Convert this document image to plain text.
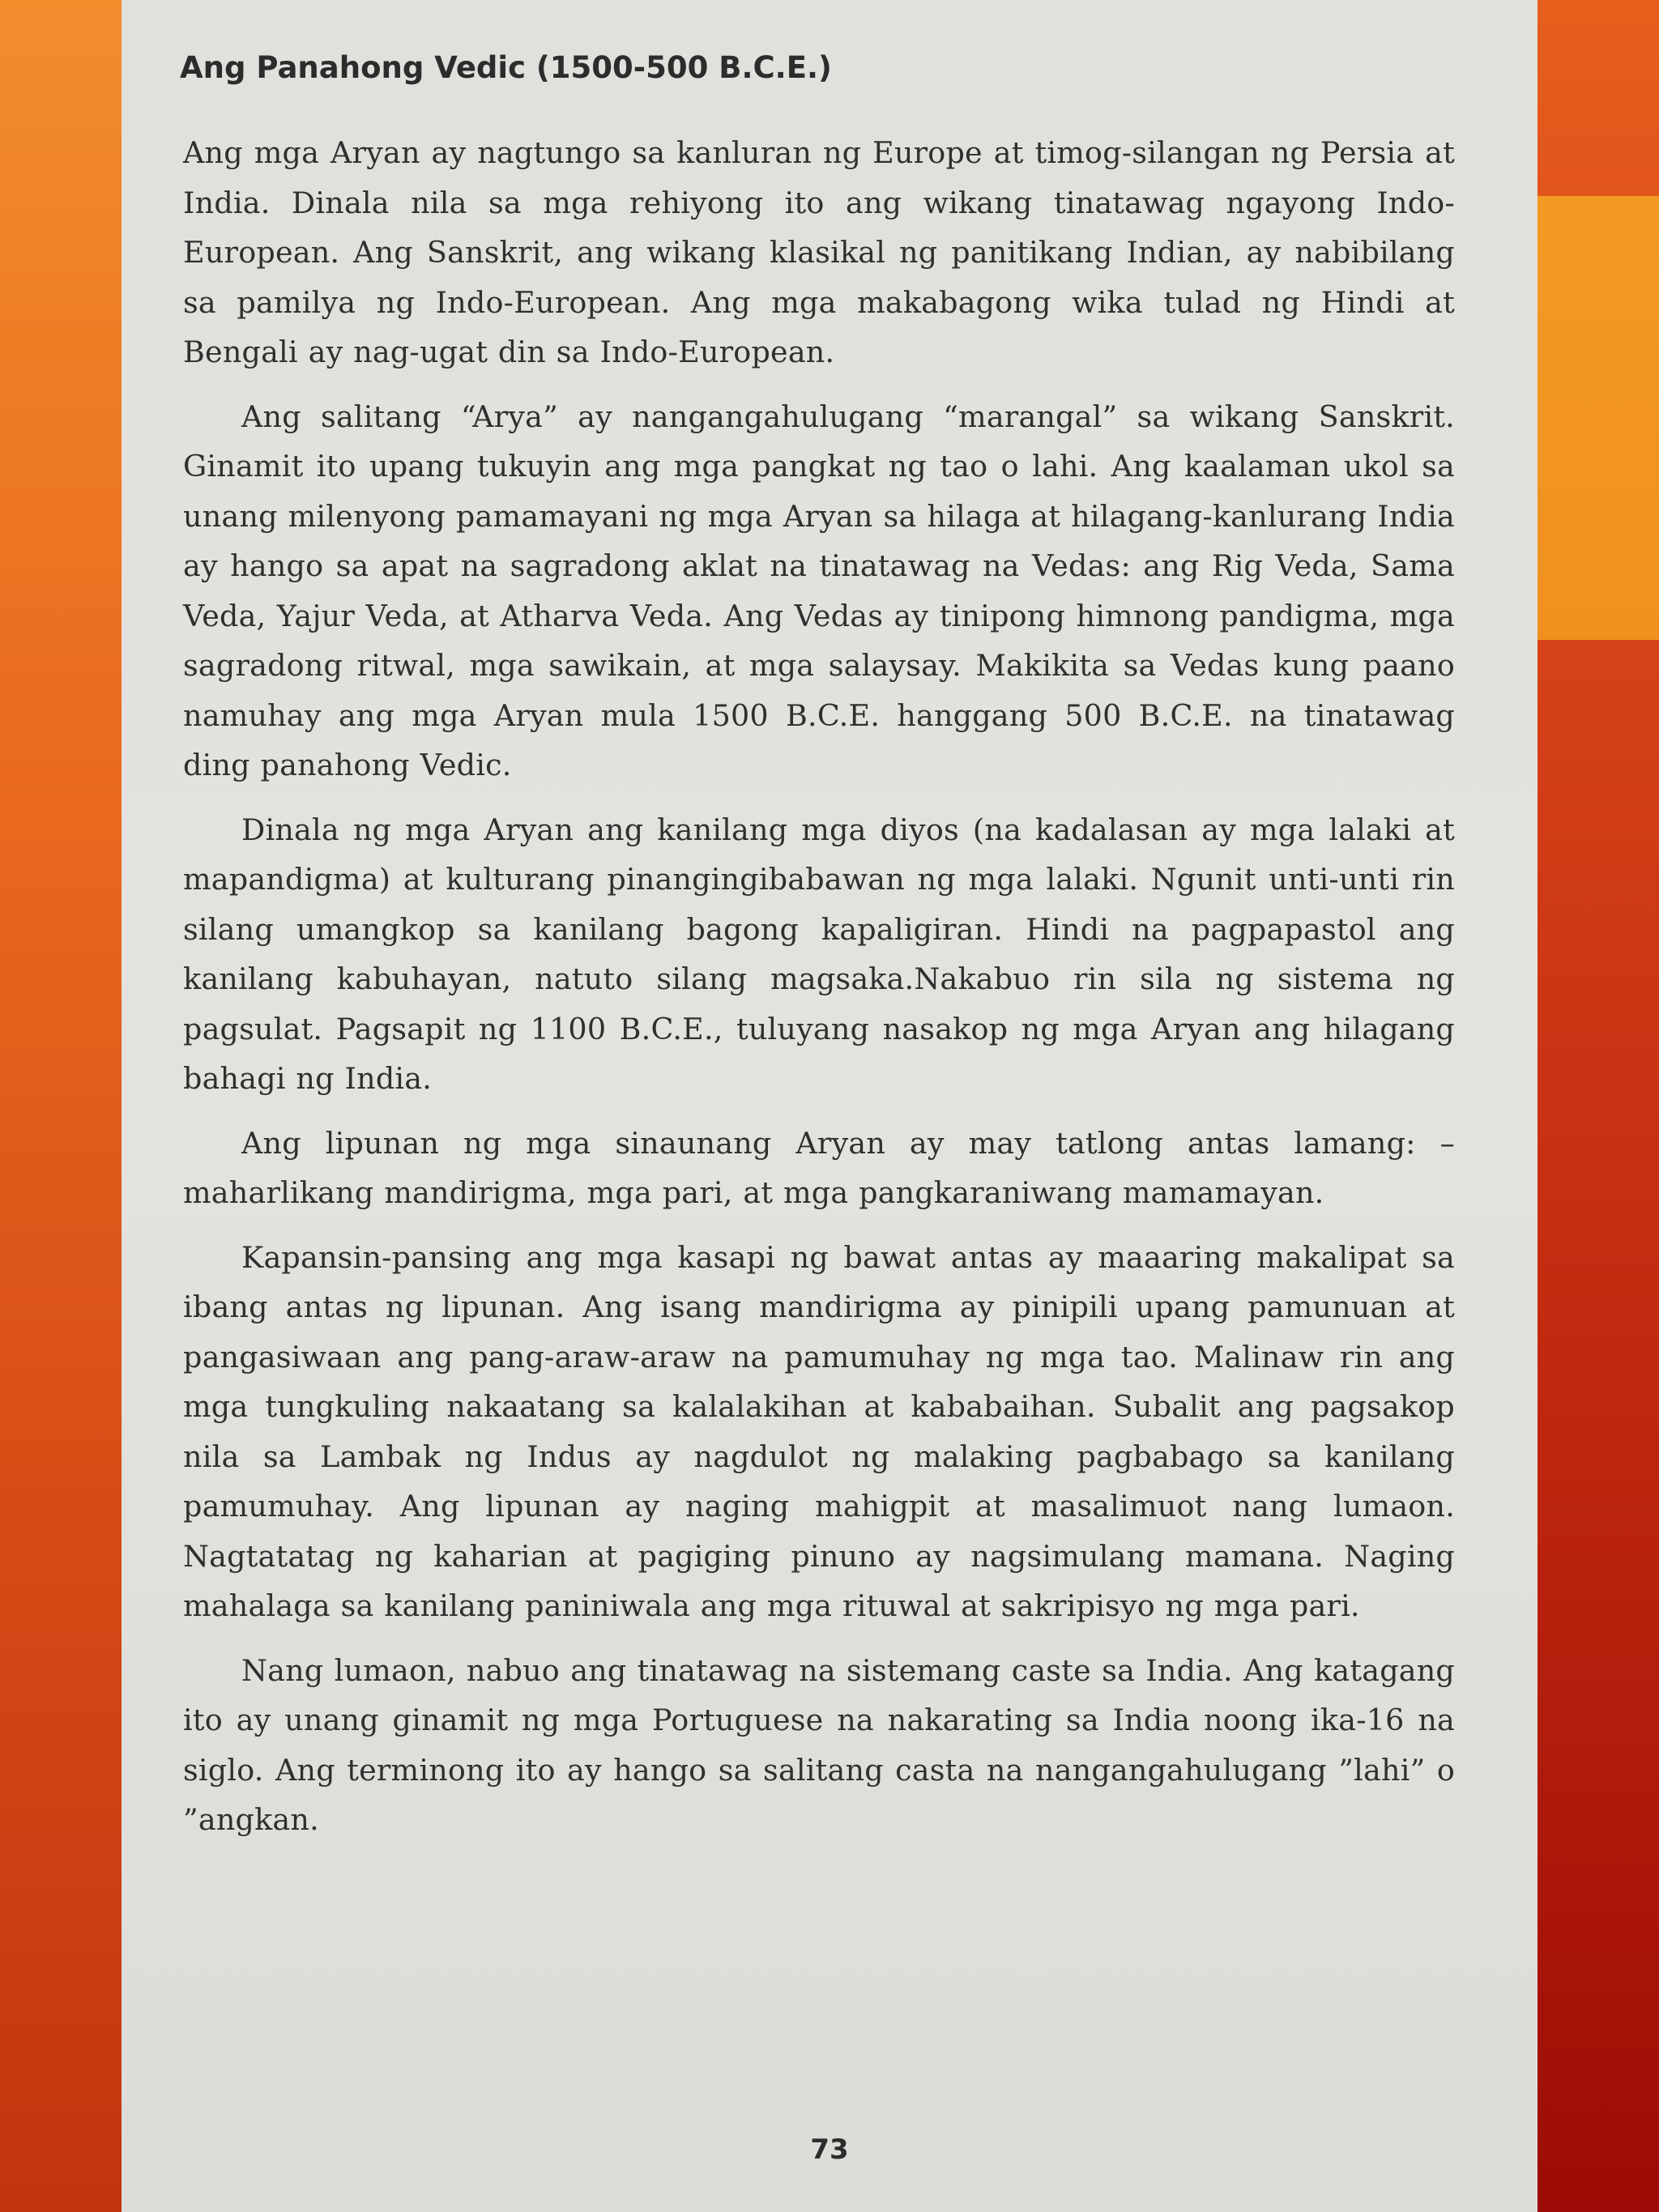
Ang Panahong Vedic (1500-500 B.C.E.)

Ang mga Aryan ay nagtungo sa kanluran ng Europe at timog-silangan ng Persia at India. Dinala nila sa mga rehiyong ito ang wikang tinatawag ngayong Indo-European. Ang Sanskrit, ang wikang klasikal ng panitikang Indian, ay nabibilang sa pamilya ng Indo-European. Ang mga makabagong wika tulad ng Hindi at Bengali ay nag-ugat din sa Indo-European.

Ang salitang “Arya” ay nangangahulugang “marangal” sa wikang Sanskrit. Ginamit ito upang tukuyin ang mga pangkat ng tao o lahi. Ang kaalaman ukol sa unang milenyong pamamayani ng mga Aryan sa hilaga at hilagang-kanlurang India ay hango sa apat na sagradong aklat na tinatawag na Vedas: ang Rig Veda, Sama Veda, Yajur Veda, at Atharva Veda. Ang Vedas ay tinipong himnong pandigma, mga sagradong ritwal, mga sawikain, at mga salaysay. Makikita sa Vedas kung paano namuhay ang mga Aryan mula 1500 B.C.E. hanggang 500 B.C.E. na tinatawag ding panahong Vedic.

Dinala ng mga Aryan ang kanilang mga diyos (na kadalasan ay mga lalaki at mapandigma) at kulturang pinangingibabawan ng mga lalaki. Ngunit unti-unti rin silang umangkop sa kanilang bagong kapaligiran. Hindi na pagpapastol ang kanilang kabuhayan, natuto silang magsaka.Nakabuo rin sila ng sistema ng pagsulat. Pagsapit ng 1100 B.C.E., tuluyang nasakop ng mga Aryan ang hilagang bahagi ng India.

Ang lipunan ng mga sinaunang Aryan ay may tatlong antas lamang: – maharlikang mandirigma, mga pari, at mga pangkaraniwang mamamayan.

Kapansin-pansing ang mga kasapi ng bawat antas ay maaaring makalipat sa ibang antas ng lipunan. Ang isang mandirigma ay pinipili upang pamunuan at pangasiwaan ang pang-araw-araw na pamumuhay ng mga tao. Malinaw rin ang mga tungkuling nakaatang sa kalalakihan at kababaihan. Subalit ang pagsakop nila sa Lambak ng Indus ay nagdulot ng malaking pagbabago sa kanilang pamumuhay. Ang lipunan ay naging mahigpit at masalimuot nang lumaon. Nagtatatag ng kaharian at pagiging pinuno ay nagsimulang mamana. Naging mahalaga sa kanilang paniniwala ang mga rituwal at sakripisyo ng mga pari.

Nang lumaon, nabuo ang tinatawag na sistemang caste sa India. Ang katagang ito ay unang ginamit ng mga Portuguese na nakarating sa India noong ika-16 na siglo. Ang terminong ito ay hango sa salitang casta na nangangahulugang ”lahi” o ”angkan.

73
